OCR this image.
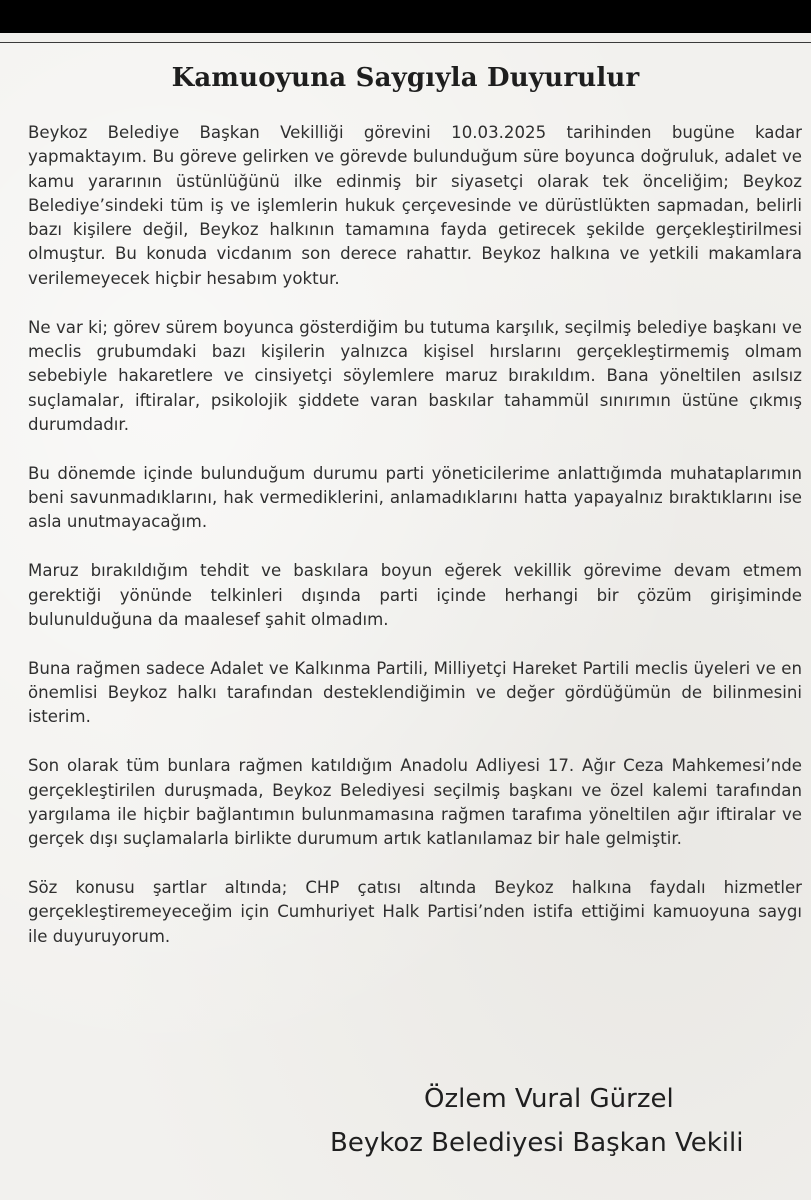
Kamuoyuna Saygıyla Duyurulur

Beykoz Belediye Başkan Vekilliği görevini 10.03.2025 tarihinden bugüne kadar yapmaktayım. Bu göreve gelirken ve görevde bulunduğum süre boyunca doğruluk, adalet ve kamu yararının üstünlüğünü ilke edinmiş bir siyasetçi olarak tek önceliğim; Beykoz Belediye’sindeki tüm iş ve işlemlerin hukuk çerçevesinde ve dürüstlükten sapmadan, belirli bazı kişilere değil, Beykoz halkının tamamına fayda getirecek şekilde gerçekleştirilmesi olmuştur. Bu konuda vicdanım son derece rahattır. Beykoz halkına ve yetkili makamlara verilemeyecek hiçbir hesabım yoktur.

Ne var ki; görev sürem boyunca gösterdiğim bu tutuma karşılık, seçilmiş belediye başkanı ve meclis grubumdaki bazı kişilerin yalnızca kişisel hırslarını gerçekleştirmemiş olmam sebebiyle hakaretlere ve cinsiyetçi söylemlere maruz bırakıldım. Bana yöneltilen asılsız suçlamalar, iftiralar, psikolojik şiddete varan baskılar tahammül sınırımın üstüne çıkmış durumdadır.

Bu dönemde içinde bulunduğum durumu parti yöneticilerime anlattığımda muhataplarımın beni savunmadıklarını, hak vermediklerini, anlamadıklarını hatta yapayalnız bıraktıklarını ise asla unutmayacağım.

Maruz bırakıldığım tehdit ve baskılara boyun eğerek vekillik görevime devam etmem gerektiği yönünde telkinleri dışında parti içinde herhangi bir çözüm girişiminde bulunulduğuna da maalesef şahit olmadım.

Buna rağmen sadece Adalet ve Kalkınma Partili, Milliyetçi Hareket Partili meclis üyeleri ve en önemlisi Beykoz halkı tarafından desteklendiğimin ve değer gördüğümün de bilinmesini isterim.

Son olarak tüm bunlara rağmen katıldığım Anadolu Adliyesi 17. Ağır Ceza Mahkemesi’nde gerçekleştirilen duruşmada, Beykoz Belediyesi seçilmiş başkanı ve özel kalemi tarafından yargılama ile hiçbir bağlantımın bulunmamasına rağmen tarafıma yöneltilen ağır iftiralar ve gerçek dışı suçlamalarla birlikte durumum artık katlanılamaz bir hale gelmiştir.

Söz konusu şartlar altında; CHP çatısı altında Beykoz halkına faydalı hizmetler gerçekleştiremeyeceğim için Cumhuriyet Halk Partisi’nden istifa ettiğimi kamuoyuna saygı ile duyuruyorum.

Özlem Vural Gürzel
Beykoz Belediyesi Başkan Vekili
